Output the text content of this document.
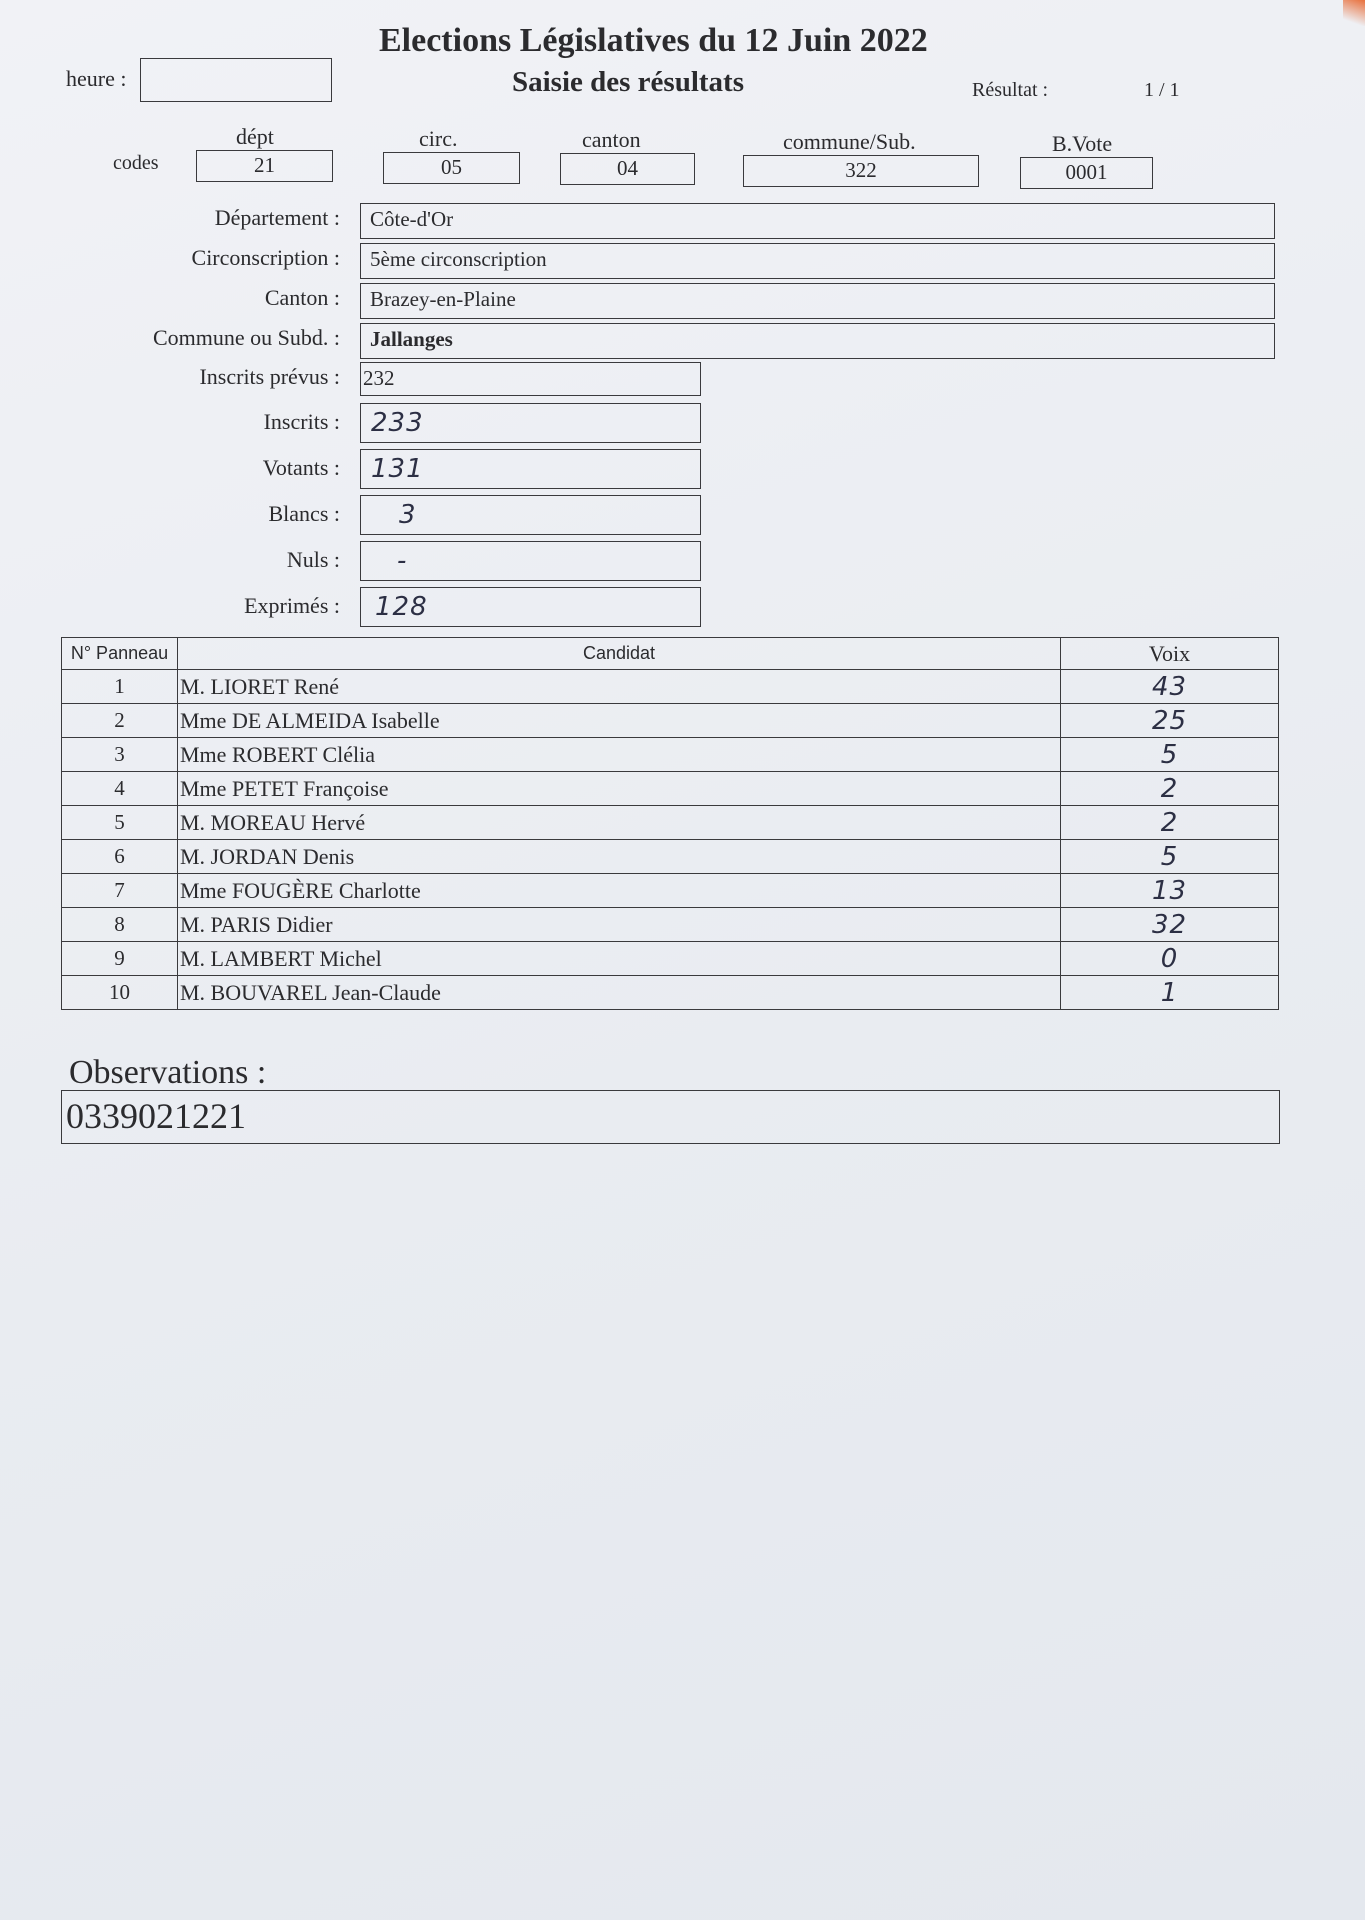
Elections Législatives du 12 Juin 2022
Saisie des résultats
heure :	Résultat :	1 / 1
codes
dépt
21
circ.
05
canton
04
commune/Sub.
322
B.Vote
0001
Département :	Côte-d'Or
Circonscription :	5ème circonscription
Canton :	Brazey-en-Plaine
Commune ou Subd. :	Jallanges
Inscrits prévus : 232
Inscrits :	233
Votants :	131
Blancs :	3
Nuls :	-
Exprimés :	128
N° Panneau	Candidat	Voix
1	M. LIORET René	43
2	Mme DE ALMEIDA Isabelle	25
3	Mme ROBERT Clélia	5
4	Mme PETET Françoise	2
5	M. MOREAU Hervé	2
6	M. JORDAN Denis	5
7	Mme FOUGÈRE Charlotte	13
8	M. PARIS Didier	32
9	M. LAMBERT Michel	0
10	M. BOUVAREL Jean-Claude	1
Observations :
0339021221
